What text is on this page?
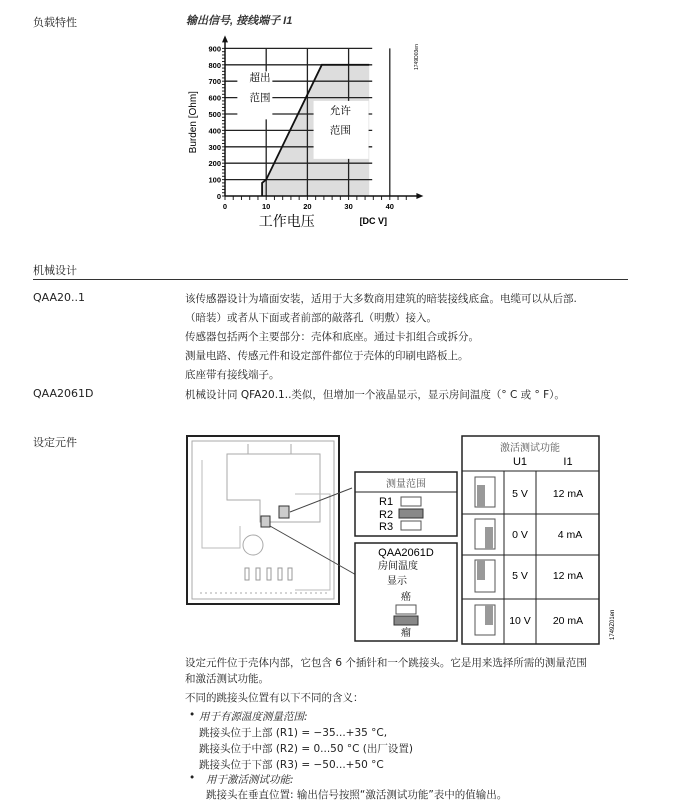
负载特性	输出信号, 接线端子 I1
0
100
200
300
400
500
600
700
800
900
0	10	20	30	40
超出
范围
允许
范围
工作电压	[DC V]
Burden [Ohm]
1749D03en
机械设计
QAA20..1	该传感器设计为墙面安装，适用于大多数商用建筑的暗装接线底盒。电缆可以从后部.
（暗装）或者从下面或者前部的敲落孔（明敷）接入。
传感器包括两个主要部分：壳体和底座。通过卡扣组合或拆分。
测量电路、传感元件和设定部件都位于壳体的印刷电路板上。
底座带有接线端子。
QAA2061D	机械设计同 QFA20.1..类似，但增加一个液晶显示，显示房间温度（° C 或 ° F）。
设定元件
测量范围
R1
R2
R3
QAA2061D
房间温度
显示
癌
瘤
激活测试功能
U1	I1
5 V 12 mA
0 V	4 mA
5 V 12 mA
10 V 20 mA	1749Z01en
设定元件位于壳体内部，它包含 6 个插针和一个跳接头。它是用来选择所需的测量范围
和激活测试功能。
不同的跳接头位置有以下不同的含义：
• 用于有源温度测量范围:
跳接头位于上部 (R1) = −35...+35 °C,
跳接头位于中部 (R2) = 0...50 °C (出厂设置)
跳接头位于下部 (R3) = −50...+50 °C
• 用于激活测试功能:
跳接头在垂直位置: 输出信号按照“激活测试功能”表中的值输出。
